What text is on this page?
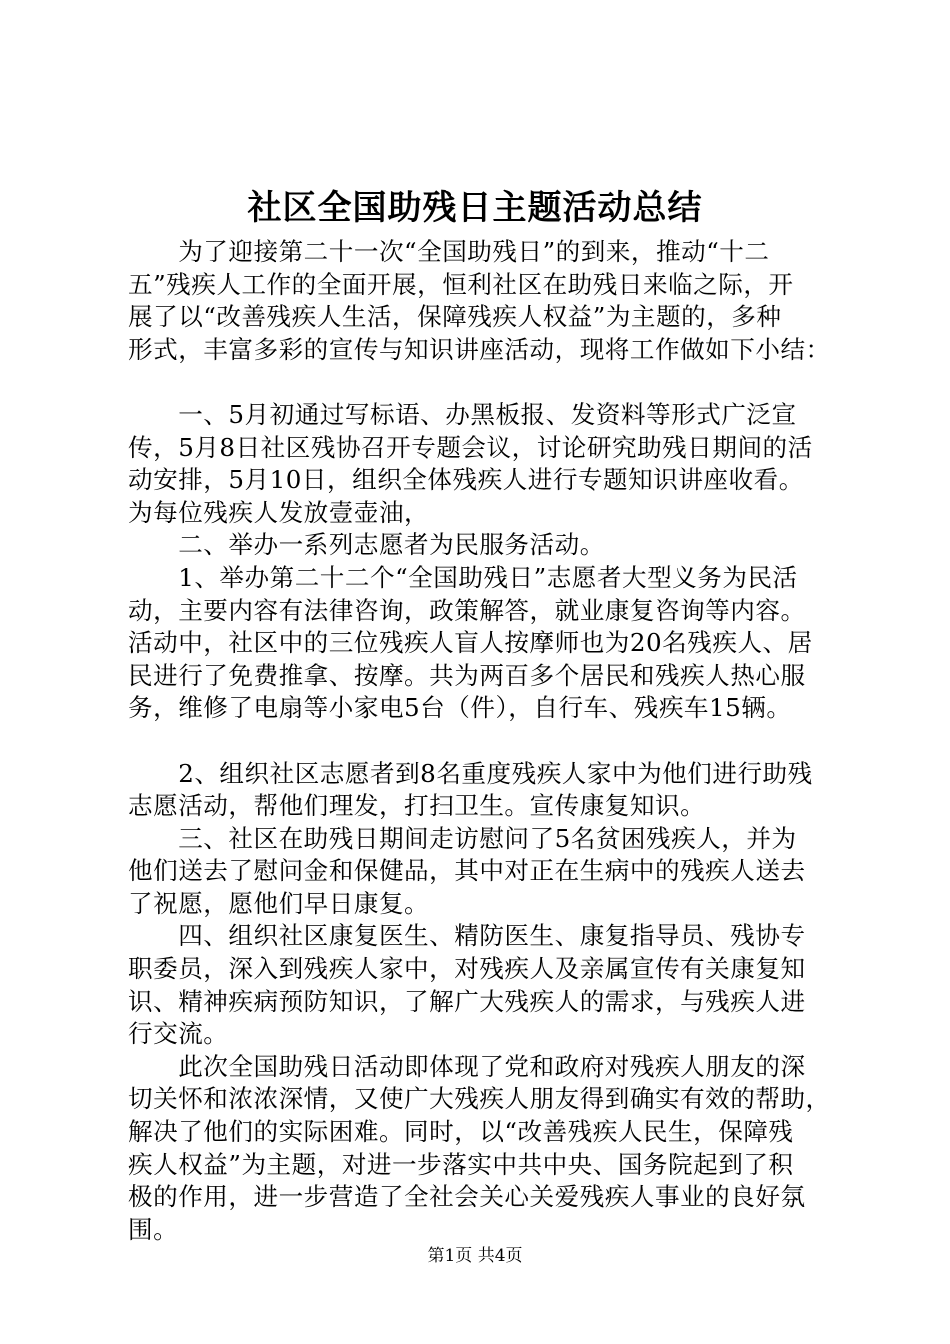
社区全国助残日主题活动总结
　　为了迎接第二十一次“全国助残日”的到来，推动“十二
五”残疾人工作的全面开展，恒利社区在助残日来临之际，开
展了以“改善残疾人生活，保障残疾人权益”为主题的，多种
形式，丰富多彩的宣传与知识讲座活动，现将工作做如下小结：
　　一、5月初通过写标语、办黑板报、发资料等形式广泛宣
传，5月8日社区残协召开专题会议，讨论研究助残日期间的活
动安排，5月10日，组织全体残疾人进行专题知识讲座收看。
为每位残疾人发放壹壶油，
　　二、举办一系列志愿者为民服务活动。
　　1、举办第二十二个“全国助残日”志愿者大型义务为民活
动，主要内容有法律咨询，政策解答，就业康复咨询等内容。
活动中，社区中的三位残疾人盲人按摩师也为20名残疾人、居
民进行了免费推拿、按摩。共为两百多个居民和残疾人热心服
务，维修了电扇等小家电5台（件），自行车、残疾车15辆。
　　2、组织社区志愿者到8名重度残疾人家中为他们进行助残
志愿活动，帮他们理发，打扫卫生。宣传康复知识。
　　三、社区在助残日期间走访慰问了5名贫困残疾人，并为
他们送去了慰问金和保健品，其中对正在生病中的残疾人送去
了祝愿，愿他们早日康复。
　　四、组织社区康复医生、精防医生、康复指导员、残协专
职委员，深入到残疾人家中，对残疾人及亲属宣传有关康复知
识、精神疾病预防知识，了解广大残疾人的需求，与残疾人进
行交流。
　　此次全国助残日活动即体现了党和政府对残疾人朋友的深
切关怀和浓浓深情，又使广大残疾人朋友得到确实有效的帮助，
解决了他们的实际困难。同时，以“改善残疾人民生，保障残
疾人权益”为主题，对进一步落实中共中央、国务院起到了积
极的作用，进一步营造了全社会关心关爱残疾人事业的良好氛
围。
第1页 共4页
